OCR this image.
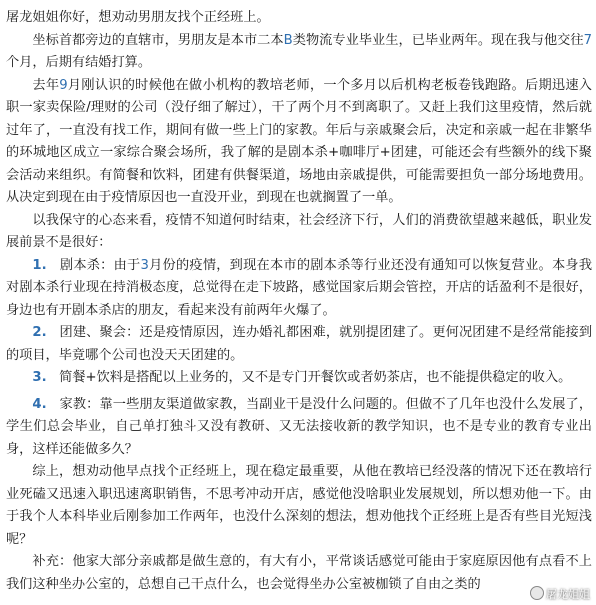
屠龙姐姐你好，想劝动男朋友找个正经班上。

坐标首都旁边的直辖市，男朋友是本市二本B类物流专业毕业生，已毕业两年。现在我与他交往7个月，后期有结婚打算。

去年9月刚认识的时候他在做小机构的教培老师，一个多月以后机构老板卷钱跑路。后期迅速入职一家卖保险/理财的公司（没仔细了解过），干了两个月不到离职了。又赶上我们这里疫情，然后就过年了，一直没有找工作，期间有做一些上门的家教。年后与亲戚聚会后，决定和亲戚一起在非繁华的环城地区成立一家综合聚会场所，我了解的是剧本杀+咖啡厅+团建，可能还会有些额外的线下聚会活动来组织。有简餐和饮料，团建有供餐渠道，场地由亲戚提供，可能需要担负一部分场地费用。从决定到现在由于疫情原因也一直没开业，到现在也就搁置了一单。

以我保守的心态来看，疫情不知道何时结束，社会经济下行，人们的消费欲望越来越低，职业发展前景不是很好：

1. 剧本杀：由于3月份的疫情，到现在本市的剧本杀等行业还没有通知可以恢复营业。本身我对剧本杀行业现在持消极态度，总觉得在走下坡路，感觉国家后期会管控，开店的话盈利不是很好，身边也有开剧本杀店的朋友，看起来没有前两年火爆了。

2. 团建、聚会：还是疫情原因，连办婚礼都困难，就别提团建了。更何况团建不是经常能接到的项目，毕竟哪个公司也没天天团建的。

3. 简餐+饮料是搭配以上业务的，又不是专门开餐饮或者奶茶店，也不能提供稳定的收入。

4. 家教：靠一些朋友渠道做家教，当副业干是没什么问题的。但做不了几年也没什么发展了，学生们总会毕业，自己单打独斗又没有教研、又无法接收新的教学知识，也不是专业的教育专业出身，这样还能做多久？

综上，想劝动他早点找个正经班上，现在稳定最重要，从他在教培已经没落的情况下还在教培行业死磕又迅速入职迅速离职销售，不思考冲动开店，感觉他没啥职业发展规划，所以想劝他一下。由于我个人本科毕业后刚参加工作两年，也没什么深刻的想法，想劝他找个正经班上是否有些目光短浅呢？

补充：他家大部分亲戚都是做生意的，有大有小，平常谈话感觉可能由于家庭原因他有点看不上我们这种坐办公室的，总想自己干点什么，也会觉得坐办公室被枷锁了自由之类的

屠龙姐姐
